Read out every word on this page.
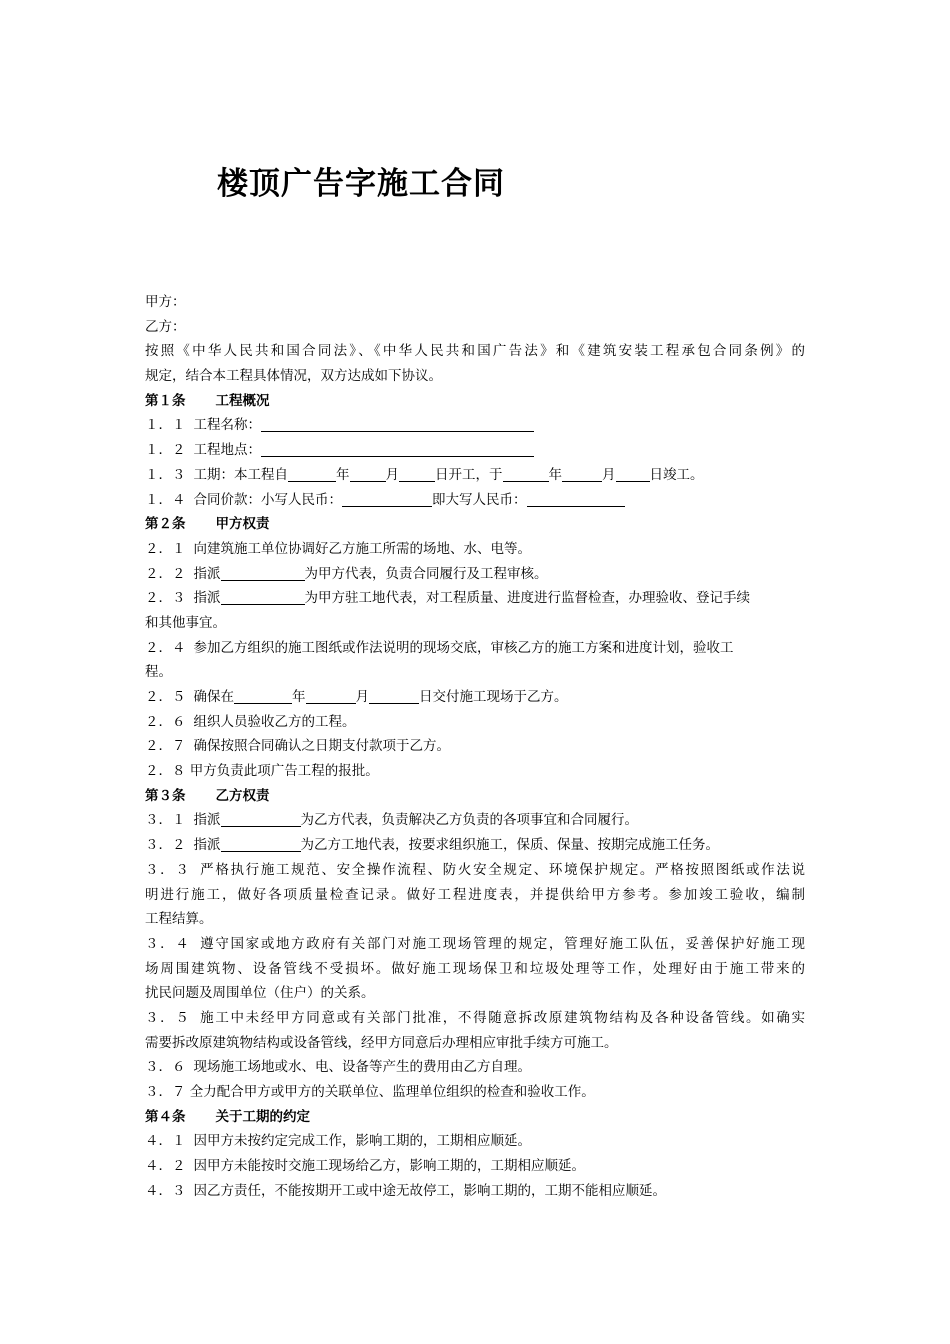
楼顶广告字施工合同
甲方：
乙方：
按照《中华人民共和国合同法》、《中华人民共和国广告法》和《建筑安装工程承包合同条例》的
规定，结合本工程具体情况，双方达成如下协议。
第１条 工程概况
１．１ 工程名称：
１．２ 工程地点：
１．３ 工期：本工程自	年	月	日开工，于	年	月	日竣工。
１．４ 合同价款：小写人民币：	即大写人民币：
第２条 甲方权责
２．１ 向建筑施工单位协调好乙方施工所需的场地、水、电等。
２．２ 指派	为甲方代表，负责合同履行及工程审核。
２．３ 指派	为甲方驻工地代表，对工程质量、进度进行监督检查，办理验收、登记手续
和其他事宜。
２．４ 参加乙方组织的施工图纸或作法说明的现场交底，审核乙方的施工方案和进度计划，验收工
程。
２．５ 确保在	年	月	日交付施工现场于乙方。
２．６ 组织人员验收乙方的工程。
２．７ 确保按照合同确认之日期支付款项于乙方。
２．８ 甲方负责此项广告工程的报批。
第３条 乙方权责
３．１ 指派	为乙方代表，负责解决乙方负责的各项事宜和合同履行。
３．２ 指派	为乙方工地代表，按要求组织施工，保质、保量、按期完成施工任务。
３．３ 严格执行施工规范、安全操作流程、防火安全规定、环境保护规定。严格按照图纸或作法说
明进行施工，做好各项质量检查记录。做好工程进度表，并提供给甲方参考。参加竣工验收，编制
工程结算。
３．４ 遵守国家或地方政府有关部门对施工现场管理的规定，管理好施工队伍，妥善保护好施工现
场周围建筑物、设备管线不受损坏。做好施工现场保卫和垃圾处理等工作，处理好由于施工带来的
扰民问题及周围单位（住户）的关系。
３．５ 施工中未经甲方同意或有关部门批准，不得随意拆改原建筑物结构及各种设备管线。如确实
需要拆改原建筑物结构或设备管线，经甲方同意后办理相应审批手续方可施工。
３．６ 现场施工场地或水、电、设备等产生的费用由乙方自理。
３．７ 全力配合甲方或甲方的关联单位、监理单位组织的检查和验收工作。
第４条 关于工期的约定
４．１ 因甲方未按约定完成工作，影响工期的，工期相应顺延。
４．２ 因甲方未能按时交施工现场给乙方，影响工期的，工期相应顺延。
４．３ 因乙方责任，不能按期开工或中途无故停工，影响工期的，工期不能相应顺延。
